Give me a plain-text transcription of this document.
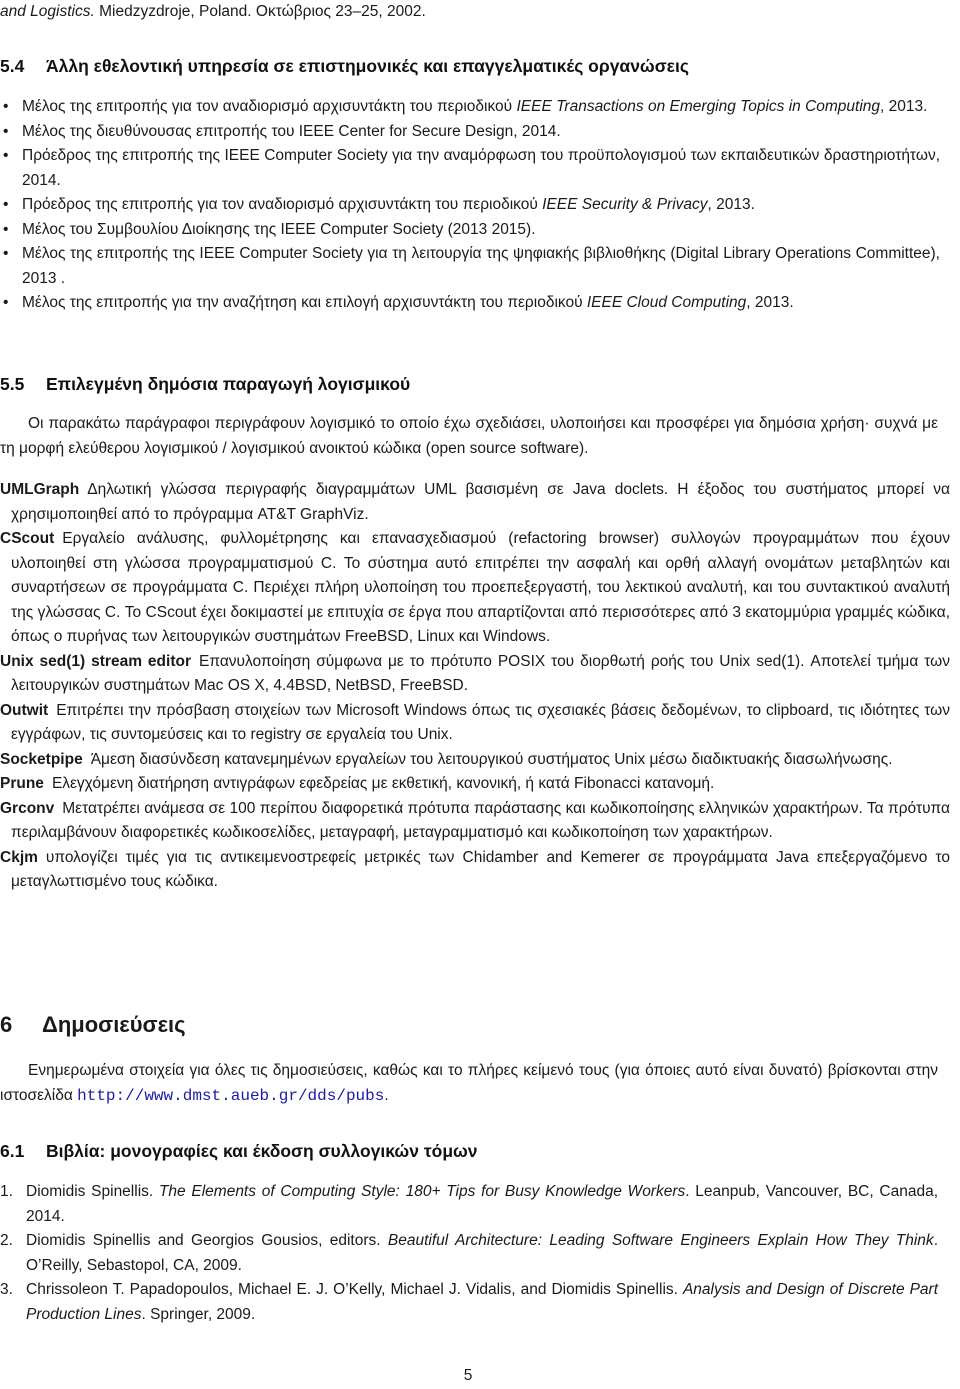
and Logistics. Miedzyzdroje, Poland. Οκτώβριος 23–25, 2002.
5.4 Άλλη εθελοντική υπηρεσία σε επιστημονικές και επαγγελματικές οργανώσεις
• Μέλος της επιτροπής για τον αναδιορισμό αρχισυντάκτη του περιοδικού IEEE Transactions on Emerging Topics in Computing, 2013.
• Μέλος της διευθύνουσας επιτροπής του IEEE Center for Secure Design, 2014.
• Πρόεδρος της επιτροπής της IEEE Computer Society για την αναμόρφωση του προϋπολογισμού των εκπαιδευτικών δραστηριοτήτων, 2014.
• Πρόεδρος της επιτροπής για τον αναδιορισμό αρχισυντάκτη του περιοδικού IEEE Security & Privacy, 2013.
• Μέλος του Συμβουλίου Διοίκησης της IEEE Computer Society (2013 2015).
• Μέλος της επιτροπής της IEEE Computer Society για τη λειτουργία της ψηφιακής βιβλιοθήκης (Digital Library Operations Committee), 2013 .
• Μέλος της επιτροπής για την αναζήτηση και επιλογή αρχισυντάκτη του περιοδικού IEEE Cloud Computing, 2013.
5.5 Επιλεγμένη δημόσια παραγωγή λογισμικού

Οι παρακάτω παράγραφοι περιγράφουν λογισμικό το οποίο έχω σχεδιάσει, υλοποιήσει και προσφέρει για δημόσια χρήση· συχνά με τη μορφή ελεύθερου λογισμικού / λογισμικού ανοικτού κώδικα (open source software).

UMLGraph Δηλωτική γλώσσα περιγραφής διαγραμμάτων UML βασισμένη σε Java doclets. Η έξοδος του συστήματος μπορεί να χρησιμοποιηθεί από το πρόγραμμα AT&T GraphViz.
CScout Εργαλείο ανάλυσης, φυλλομέτρησης και επανασχεδιασμού (refactoring browser) συλλογών προγραμμάτων που έχουν υλοποιηθεί στη γλώσσα προγραμματισμού C. Το σύστημα αυτό επιτρέπει την ασφαλή και ορθή αλλαγή ονομάτων μεταβλητών και συναρτήσεων σε προγράμματα C. Περιέχει πλήρη υλοποίηση του προεπεξεργαστή, του λεκτικού αναλυτή, και του συντακτικού αναλυτή της γλώσσας C. Το CScout έχει δοκιμαστεί με επιτυχία σε έργα που απαρτίζονται από περισσότερες από 3 εκατομμύρια γραμμές κώδικα, όπως ο πυρήνας των λειτουργικών συστημάτων FreeBSD, Linux και Windows.
Unix sed(1) stream editor Επανυλοποίηση σύμφωνα με το πρότυπο POSIX του διορθωτή ροής του Unix sed(1). Αποτελεί τμήμα των λειτουργικών συστημάτων Mac OS X, 4.4BSD, NetBSD, FreeBSD.
Outwit Επιτρέπει την πρόσβαση στοιχείων των Microsoft Windows όπως τις σχεσιακές βάσεις δεδομένων, το clipboard, τις ιδιότητες των εγγράφων, τις συντομεύσεις και το registry σε εργαλεία του Unix.
Socketpipe Άμεση διασύνδεση κατανεμημένων εργαλείων του λειτουργικού συστήματος Unix μέσω διαδικτυακής διασωλήνωσης.
Prune Ελεγχόμενη διατήρηση αντιγράφων εφεδρείας με εκθετική, κανονική, ή κατά Fibonacci κατανομή.
Grconv Μετατρέπει ανάμεσα σε 100 περίπου διαφορετικά πρότυπα παράστασης και κωδικοποίησης ελληνικών χαρακτήρων. Τα πρότυπα περιλαμβάνουν διαφορετικές κωδικοσελίδες, μεταγραφή, μεταγραμματισμό και κωδικοποίηση των χαρακτήρων.
Ckjm υπολογίζει τιμές για τις αντικειμενοστρεφείς μετρικές των Chidamber and Kemerer σε προγράμματα Java επεξεργαζόμενο το μεταγλωττισμένο τους κώδικα.
6 Δημοσιεύσεις

Ενημερωμένα στοιχεία για όλες τις δημοσιεύσεις, καθώς και το πλήρες κείμενό τους (για όποιες αυτό είναι δυνατό) βρίσκονται στην ιστοσελίδα http://www.dmst.aueb.gr/dds/pubs.

6.1 Βιβλία: μονογραφίες και έκδοση συλλογικών τόμων
1. Diomidis Spinellis. The Elements of Computing Style: 180+ Tips for Busy Knowledge Workers. Leanpub, Vancouver, BC, Canada, 2014.
2. Diomidis Spinellis and Georgios Gousios, editors. Beautiful Architecture: Leading Software Engineers Explain How They Think. O’Reilly, Sebastopol, CA, 2009.
3. Chrissoleon T. Papadopoulos, Michael E. J. O’Kelly, Michael J. Vidalis, and Diomidis Spinellis. Analysis and Design of Discrete Part Production Lines. Springer, 2009.
5
